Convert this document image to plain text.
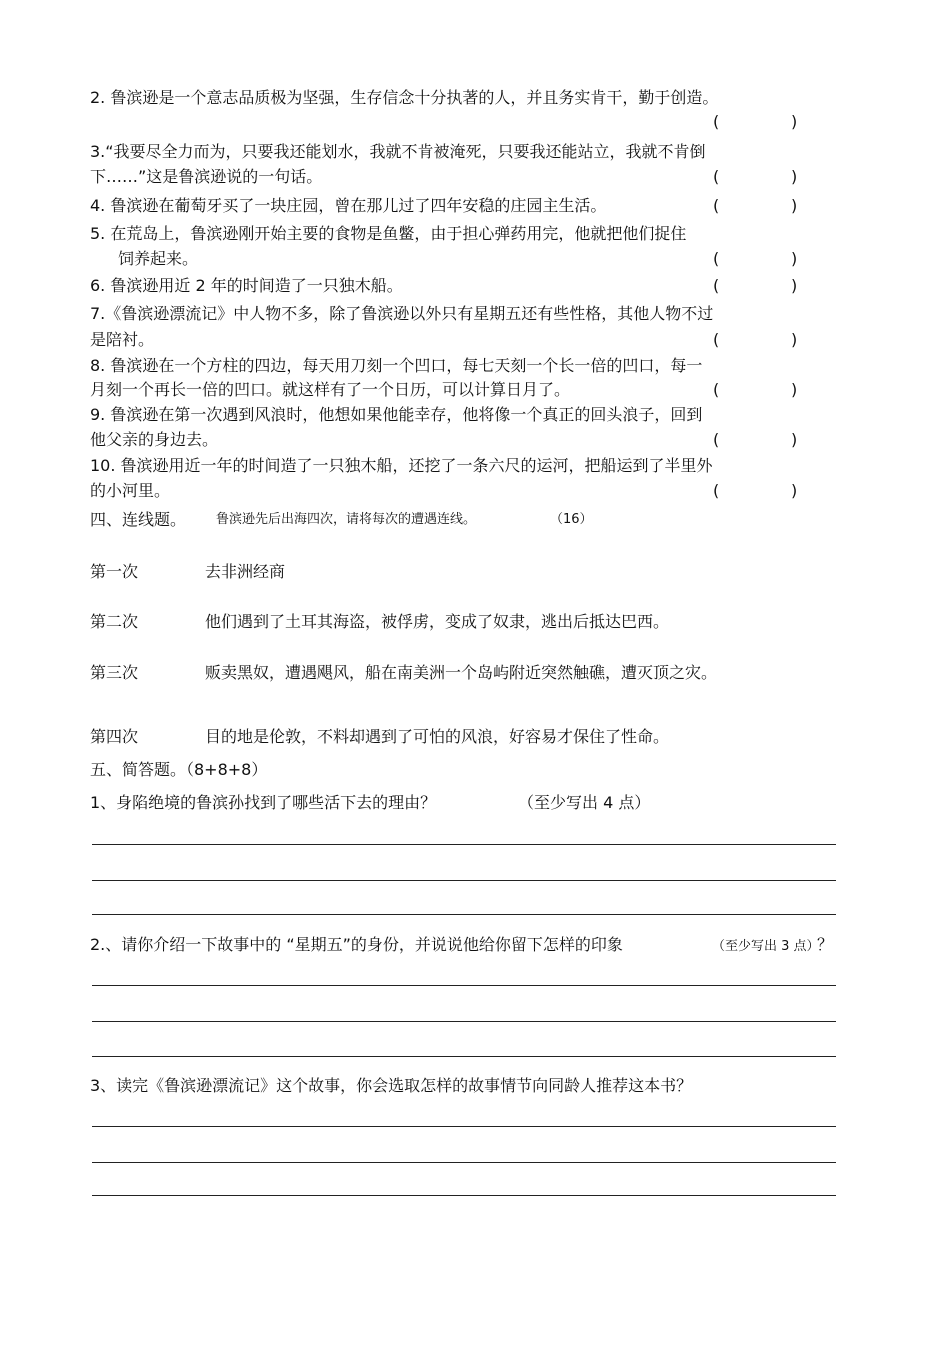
2. 鲁滨逊是一个意志品质极为坚强，生存信念十分执著的人，并且务实肯干，勤于创造。
(	)
3.“我要尽全力而为，只要我还能划水，我就不肯被淹死，只要我还能站立，我就不肯倒
下……”这是鲁滨逊说的一句话。	(	)
4. 鲁滨逊在葡萄牙买了一块庄园，曾在那儿过了四年安稳的庄园主生活。	(	)
5. 在荒岛上，鲁滨逊刚开始主要的食物是鱼鳖，由于担心弹药用完，他就把他们捉住
饲养起来。	(	)
6. 鲁滨逊用近 2 年的时间造了一只独木船。	(	)
7.《鲁滨逊漂流记》中人物不多，除了鲁滨逊以外只有星期五还有些性格，其他人物不过
是陪衬。	(	)
8. 鲁滨逊在一个方柱的四边，每天用刀刻一个凹口，每七天刻一个长一倍的凹口，每一
月刻一个再长一倍的凹口。就这样有了一个日历，可以计算日月了。	(	)
9. 鲁滨逊在第一次遇到风浪时，他想如果他能幸存，他将像一个真正的回头浪子，回到
他父亲的身边去。	(	)
10. 鲁滨逊用近一年的时间造了一只独木船，还挖了一条六尺的运河，把船运到了半里外
的小河里。	(	)
四、连线题。 鲁滨逊先后出海四次，请将每次的遭遇连线。	（16）
第一次	去非洲经商
第二次	他们遇到了土耳其海盗，被俘虏，变成了奴隶，逃出后抵达巴西。
第三次	贩卖黑奴，遭遇飓风，船在南美洲一个岛屿附近突然触礁，遭灭顶之灾。
第四次	目的地是伦敦，不料却遇到了可怕的风浪，好容易才保住了性命。
五、简答题。（8+8+8）
1、身陷绝境的鲁滨孙找到了哪些活下去的理由？	（至少写出 4 点）
2.、请你介绍一下故事中的 “星期五”的身份，并说说他给你留下怎样的印象	（至少写出 3 点）
？
3、读完《鲁滨逊漂流记》这个故事，你会选取怎样的故事情节向同龄人推荐这本书？
